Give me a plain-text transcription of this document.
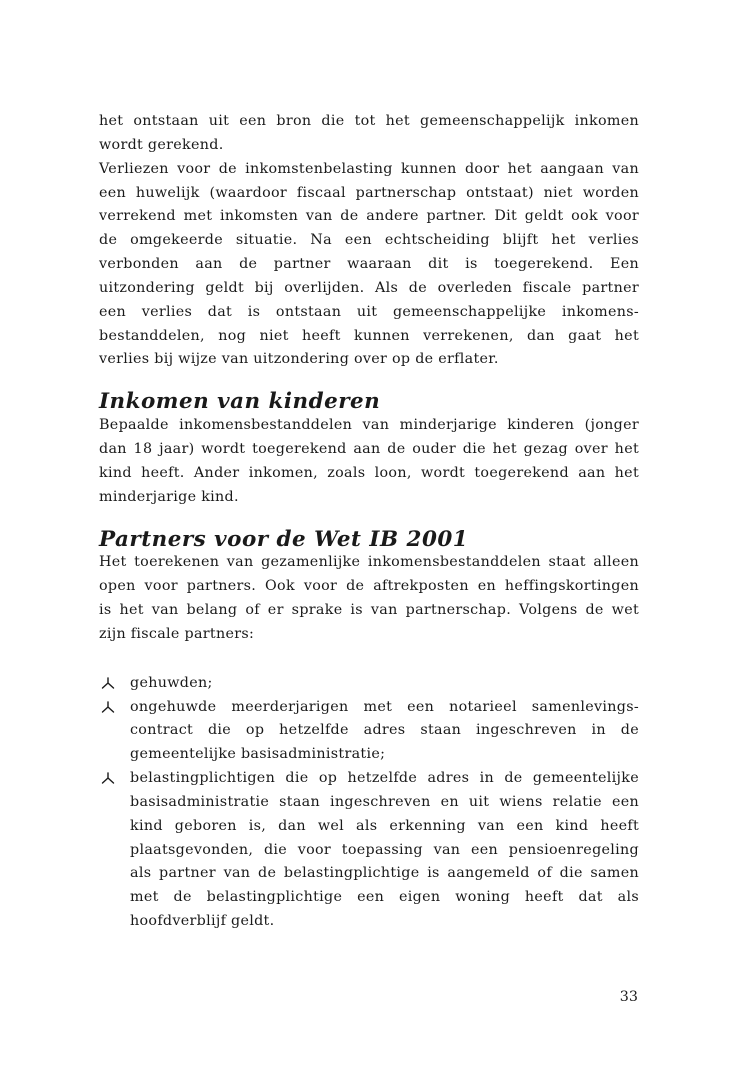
het ontstaan uit een bron die tot het gemeenschappelijk inkomen
wordt gerekend.

Verliezen voor de inkomstenbelasting kunnen door het aangaan van
een huwelijk (waardoor fiscaal partnerschap ontstaat) niet worden
verrekend met inkomsten van de andere partner. Dit geldt ook voor
de omgekeerde situatie. Na een echtscheiding blijft het verlies
verbonden aan de partner waaraan dit is toegerekend. Een
uitzondering geldt bij overlijden. Als de overleden fiscale partner
een verlies dat is ontstaan uit gemeenschappelijke inkomens-
bestanddelen, nog niet heeft kunnen verrekenen, dan gaat het
verlies bij wijze van uitzondering over op de erflater.

Inkomen van kinderen

Bepaalde inkomensbestanddelen van minderjarige kinderen (jonger
dan 18 jaar) wordt toegerekend aan de ouder die het gezag over het
kind heeft. Ander inkomen, zoals loon, wordt toegerekend aan het
minderjarige kind.

Partners voor de Wet IB 2001

Het toerekenen van gezamenlijke inkomensbestanddelen staat alleen
open voor partners. Ook voor de aftrekposten en heffingskortingen
is het van belang of er sprake is van partnerschap. Volgens de wet
zijn fiscale partners:

gehuwden;
ongehuwde meerderjarigen met een notarieel samenlevings-
contract die op hetzelfde adres staan ingeschreven in de
gemeentelijke basisadministratie;
belastingplichtigen die op hetzelfde adres in de gemeentelijke
basisadministratie staan ingeschreven en uit wiens relatie een
kind geboren is, dan wel als erkenning van een kind heeft
plaatsgevonden, die voor toepassing van een pensioenregeling
als partner van de belastingplichtige is aangemeld of die samen
met de belastingplichtige een eigen woning heeft dat als
hoofdverblijf geldt.
33
